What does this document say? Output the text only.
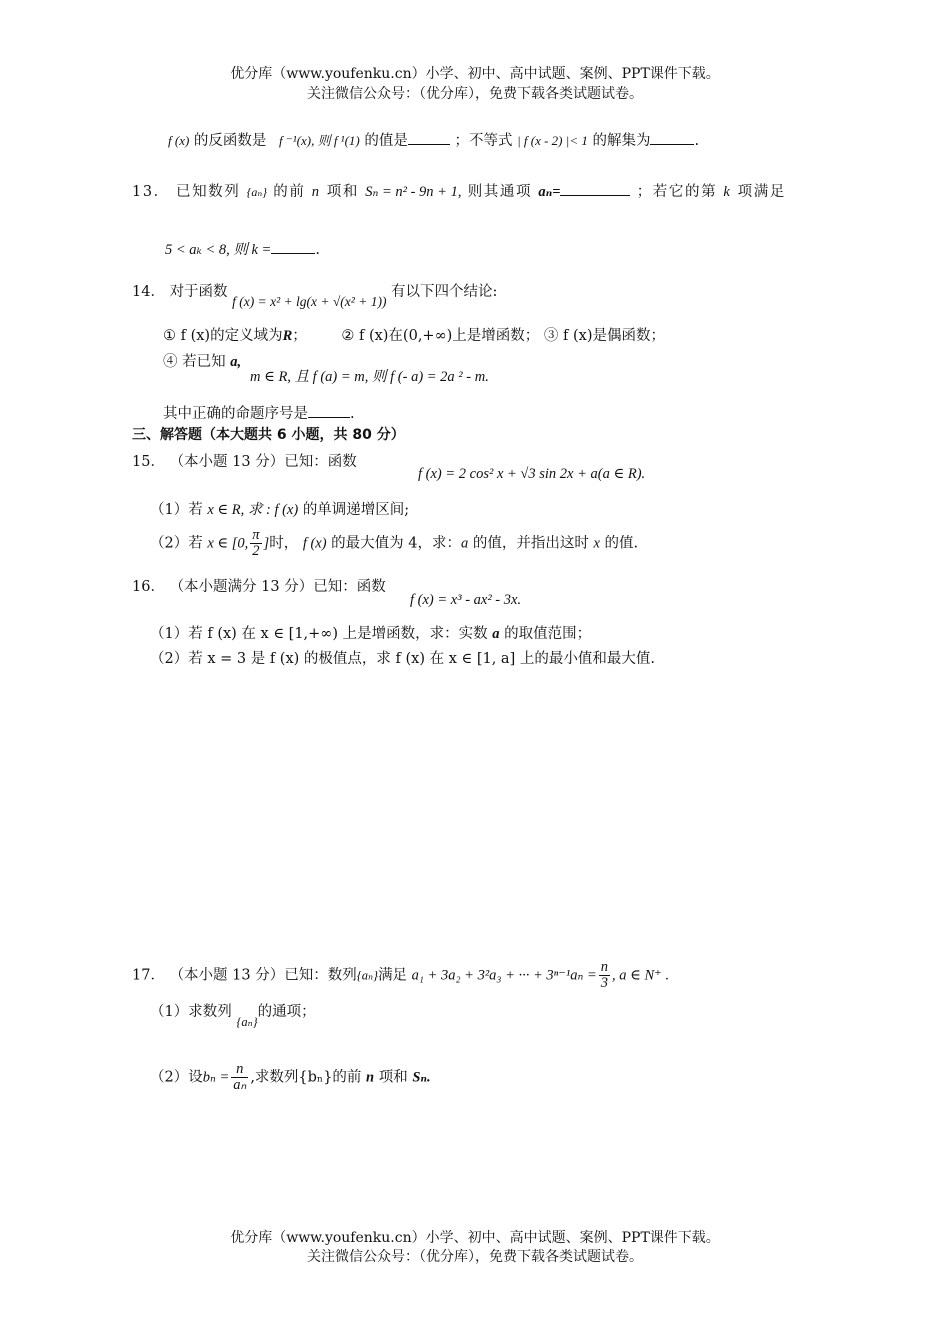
优分库（www.youfenku.cn）小学、初中、高中试题、案例、PPT课件下载。
关注微信公众号：（优分库），免费下载各类试题试卷。
f (x) 的反函数是 f ⁻¹(x), 则 f ¹(1) 的值是	；不等式 | f (x - 2) |< 1 的解集为	.
13． 已知数列 {aₙ} 的前 n 项和 Sₙ = n² - 9n + 1, 则其通项 aₙ=	；若它的第 k 项满足
5 < aₖ < 8, 则 k =	.
14． 对于函数 f (x) = x² + lg(x + √(x² + 1)) 有以下四个结论:
① f (x)的定义域为R； ② f (x)在(0,+∞)上是增函数； ③ f (x)是偶函数；
④ 若已知 a,
m ∈ R, 且 f (a) = m, 则 f (- a) = 2a ² - m.
其中正确的命题序号是	.
三、解答题（本大题共 6 小题，共 80 分）
15． （本小题 13 分）已知：函数
f (x) = 2 cos² x + √3 sin 2x + a(a ∈ R).
（1）若 x ∈ R, 求 : f (x) 的单调递增区间;
（2）若 x ∈ [0, $\frac{\pi}{2}$ ]时， f (x) 的最大值为 4，求：a 的值，并指出这时 x 的值.
16． （本小题满分 13 分）已知：函数
f (x) = x³ - ax² - 3x.
（1）若 f (x) 在 x ∈ [1,+∞) 上是增函数，求：实数 a 的取值范围；
（2）若 x = 3 是 f (x) 的极值点，求 f (x) 在 x ∈ [1, a] 上的最小值和最大值.
17． （本小题 13 分）已知：数列{aₙ}满足 a₁ + 3a₂ + 3²a₃ + ··· + $3^{n-1}a_n = \frac{n}{3}$ , a ∈ N⁺ .
（1）求数列 {aₙ}的通项；
（2）设$b_n = \frac{n}{\text{aₙ}}$ ,求数列{bₙ}的前 n 项和 Sₙ.
优分库（www.youfenku.cn）小学、初中、高中试题、案例、PPT课件下载。
关注微信公众号：（优分库），免费下载各类试题试卷。
